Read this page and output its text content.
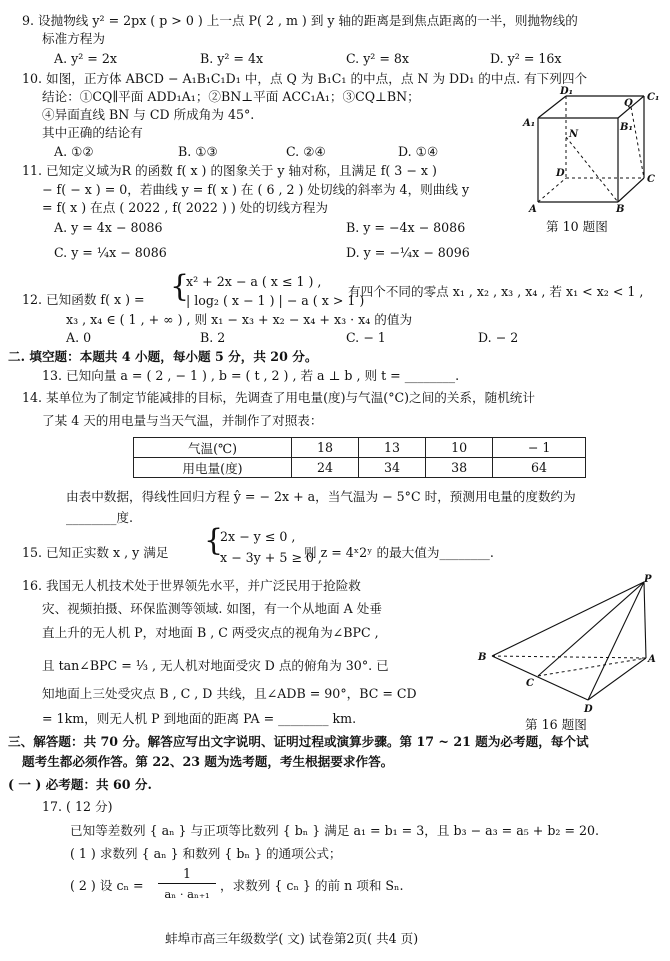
9. 设抛物线 y² = 2px ( p > 0 ) 上一点 P( 2 , m ) 到 y 轴的距离是到焦点距离的一半，则抛物线的
标准方程为
A. y² = 2x	B. y² = 4x	C. y² = 8x	D. y² = 16x
10. 如图，正方体 ABCD − A₁B₁C₁D₁ 中，点 Q 为 B₁C₁ 的中点，点 N 为 DD₁ 的中点. 有下列四个
结论：①CQ∥平面 ADD₁A₁；②BN⊥平面 ACC₁A₁；③CQ⊥BN；
④异面直线 BN 与 CD 所成角为 45°.
其中正确的结论有
A. ①②	B. ①③	C. ②④	D. ①④
D₁
Q
C₁
A₁
N
B₁
D
C
A	B
第 10 题图
11. 已知定义域为R 的函数 f( x ) 的图象关于 y 轴对称，且满足 f( 3 − x )
− f( − x ) = 0，若曲线 y = f( x ) 在 ( 6 , 2 ) 处切线的斜率为 4，则曲线 y
= f( x ) 在点 ( 2022 , f( 2022 ) ) 处的切线方程为
A. y = 4x − 8086	B. y = −4x − 8086
C. y = ¼x − 8086	D. y = −¼x − 8096
12. 已知函数 f( x ) = {
x² + 2x − a ( x ≤ 1 ) ,
| log₂ ( x − 1 ) | − a ( x > 1 )
有四个不同的零点 x₁ , x₂ , x₃ , x₄ , 若 x₁ < x₂ < 1 ,
x₃ , x₄ ∈ ( 1 , + ∞ ) , 则 x₁ − x₃ + x₂ − x₄ + x₃ · x₄ 的值为
A. 0	B. 2	C. − 1	D. − 2
二. 填空题：本题共 4 小题，每小题 5 分，共 20 分。
13. 已知向量 a = ( 2 , − 1 ) , b = ( t , 2 ) , 若 a ⊥ b , 则 t = ________.
14. 某单位为了制定节能减排的目标，先调查了用电量(度)与气温(°C)之间的关系，随机统计
了某 4 天的用电量与当天气温，并制作了对照表：
气温(℃)	18	13	10	− 1
用电量(度)	24	34	38	64
由表中数据，得线性回归方程 ŷ = − 2x + a，当气温为 − 5°C 时，预测用电量的度数约为
________度.
15. 已知正实数 x , y 满足 {
2x − y ≤ 0 ,
x − 3y + 5 ≥ 0 ,
则 z = 4ˣ2ʸ 的最大值为________.
16. 我国无人机技术处于世界领先水平，并广泛民用于抢险救
灾、视频拍摄、环保监测等领域. 如图，有一个从地面 A 处垂
直上升的无人机 P，对地面 B , C 两受灾点的视角为∠BPC ,
且 tan∠BPC = ⅓ , 无人机对地面受灾 D 点的俯角为 30°. 已
知地面上三处受灾点 B , C , D 共线，且∠ADB = 90°，BC = CD
= 1km，则无人机 P 到地面的距离 PA = ________ km.
P
B	A
C
D
第 16 题图
三、解答题：共 70 分。解答应写出文字说明、证明过程或演算步骤。第 17 ~ 21 题为必考题，每个试
题考生都必须作答。第 22、23 题为选考题，考生根据要求作答。
( 一 ) 必考题：共 60 分.
17. ( 12 分)
已知等差数列 { aₙ } 与正项等比数列 { bₙ } 满足 a₁ = b₁ = 3，且 b₃ − a₃ = a₅ + b₂ = 20.
( 1 ) 求数列 { aₙ } 和数列 { bₙ } 的通项公式；
( 2 ) 设 cₙ =
1
aₙ · aₙ₊₁
，求数列 { cₙ } 的前 n 项和 Sₙ.
蚌埠市高三年级数学( 文) 试卷第2页( 共4 页)
